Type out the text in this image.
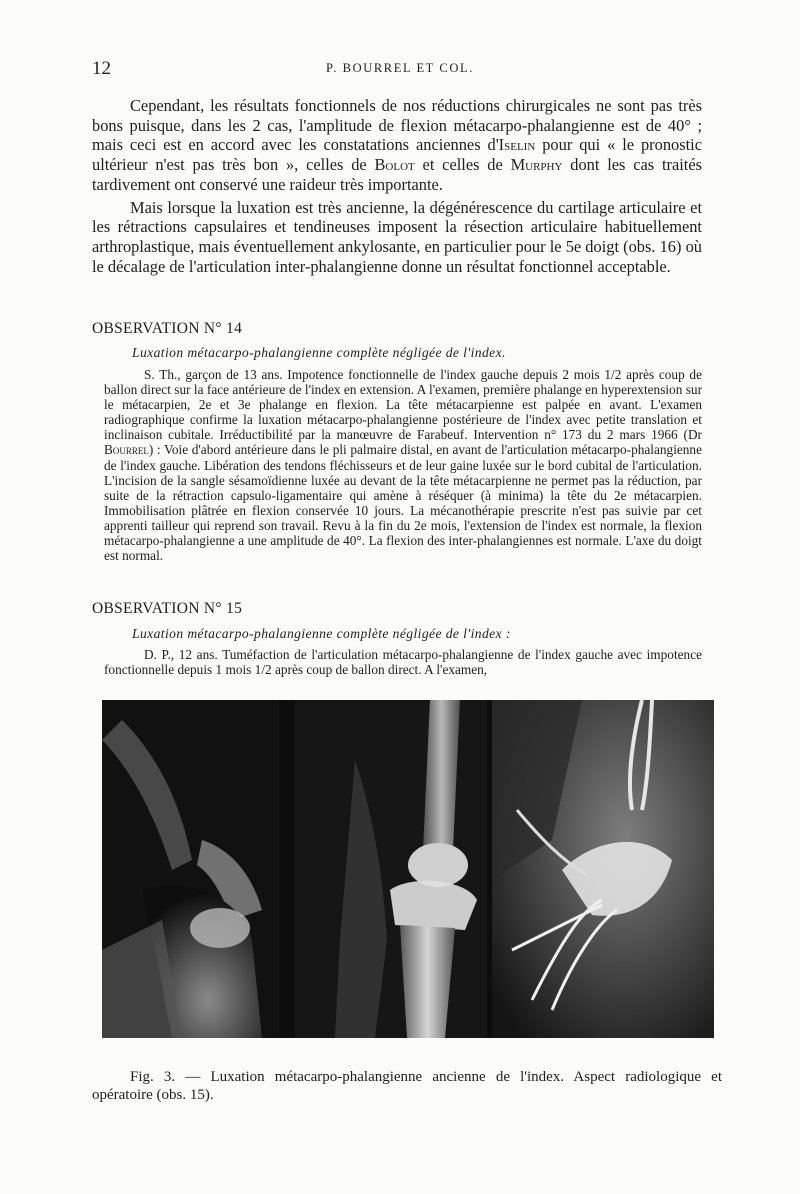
12	P. BOURREL ET COL.

Cependant, les résultats fonctionnels de nos réductions chirurgicales ne sont pas très bons puisque, dans les 2 cas, l'amplitude de flexion métacarpo-phalangienne est de 40° ; mais ceci est en accord avec les constatations anciennes d'Iselin pour qui « le pronostic ultérieur n'est pas très bon », celles de Bolot et celles de Murphy dont les cas traités tardivement ont conservé une raideur très importante.

Mais lorsque la luxation est très ancienne, la dégénérescence du cartilage articulaire et les rétractions capsulaires et tendineuses imposent la résection articulaire habituellement arthroplastique, mais éventuellement ankylosante, en particulier pour le 5e doigt (obs. 16) où le décalage de l'articulation inter-phalangienne donne un résultat fonctionnel acceptable.

OBSERVATION N° 14

Luxation métacarpo-phalangienne complète négligée de l'index.

S. Th., garçon de 13 ans. Impotence fonctionnelle de l'index gauche depuis 2 mois 1/2 après coup de ballon direct sur la face antérieure de l'index en extension. A l'examen, première phalange en hyperextension sur le métacarpien, 2e et 3e phalange en flexion. La tête métacarpienne est palpée en avant. L'examen radiographique confirme la luxation métacarpo-phalangienne postérieure de l'index avec petite translation et inclinaison cubitale. Irréductibilité par la manœuvre de Farabeuf. Intervention n° 173 du 2 mars 1966 (Dr Bourrel) : Voie d'abord antérieure dans le pli palmaire distal, en avant de l'articulation métacarpo-phalangienne de l'index gauche. Libération des tendons fléchisseurs et de leur gaine luxée sur le bord cubital de l'articulation. L'incision de la sangle sésamoïdienne luxée au devant de la tête métacarpienne ne permet pas la réduction, par suite de la rétraction capsulo-ligamentaire qui amène à réséquer (à minima) la tête du 2e métacarpien. Immobilisation plâtrée en flexion conservée 10 jours. La mécanothérapie prescrite n'est pas suivie par cet apprenti tailleur qui reprend son travail. Revu à la fin du 2e mois, l'extension de l'index est normale, la flexion métacarpo-phalangienne a une amplitude de 40°. La flexion des inter-phalangiennes est normale. L'axe du doigt est normal.

OBSERVATION N° 15

Luxation métacarpo-phalangienne complète négligée de l'index :

D. P., 12 ans. Tuméfaction de l'articulation métacarpo-phalangienne de l'index gauche avec impotence fonctionnelle depuis 1 mois 1/2 après coup de ballon direct. A l'examen,

Fig. 3. — Luxation métacarpo-phalangienne ancienne de l'index. Aspect radiologique et opératoire (obs. 15).
